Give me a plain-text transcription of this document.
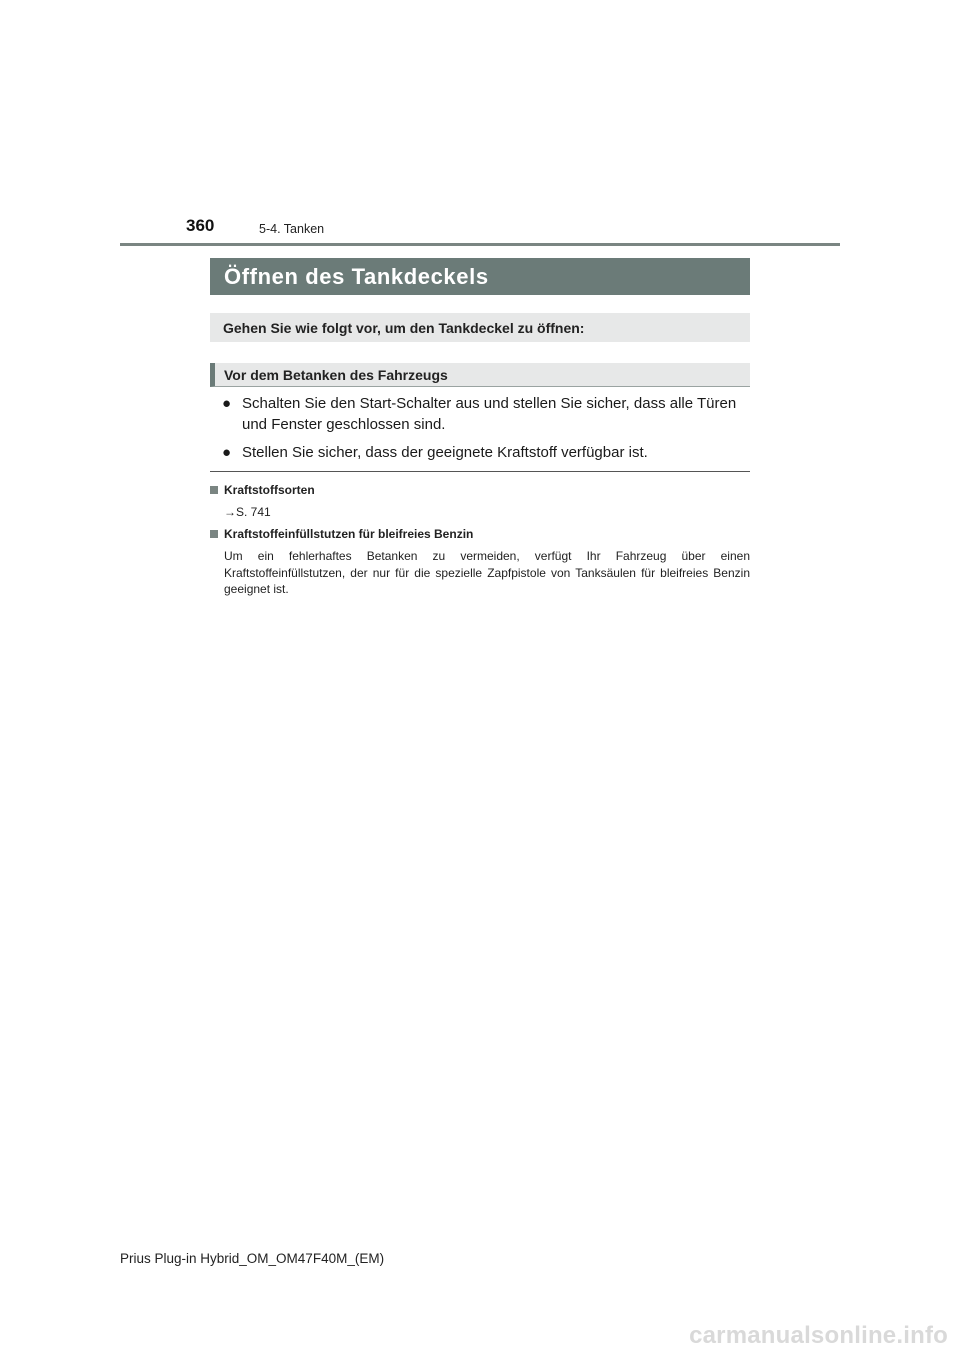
360	5-4. Tanken
Öffnen des Tankdeckels
Gehen Sie wie folgt vor, um den Tankdeckel zu öffnen:
Vor dem Betanken des Fahrzeugs
● Schalten Sie den Start-Schalter aus und stellen Sie sicher, dass alle Türen und Fenster geschlossen sind.
● Stellen Sie sicher, dass der geeignete Kraftstoff verfügbar ist.
Kraftstoffsorten
→S. 741
Kraftstoffeinfüllstutzen für bleifreies Benzin
Um ein fehlerhaftes Betanken zu vermeiden, verfügt Ihr Fahrzeug über einen Kraftstoffeinfüllstutzen, der nur für die spezielle Zapfpistole von Tanksäulen für bleifreies Benzin geeignet ist.
Prius Plug-in Hybrid_OM_OM47F40M_(EM)
carmanualsonline.info
